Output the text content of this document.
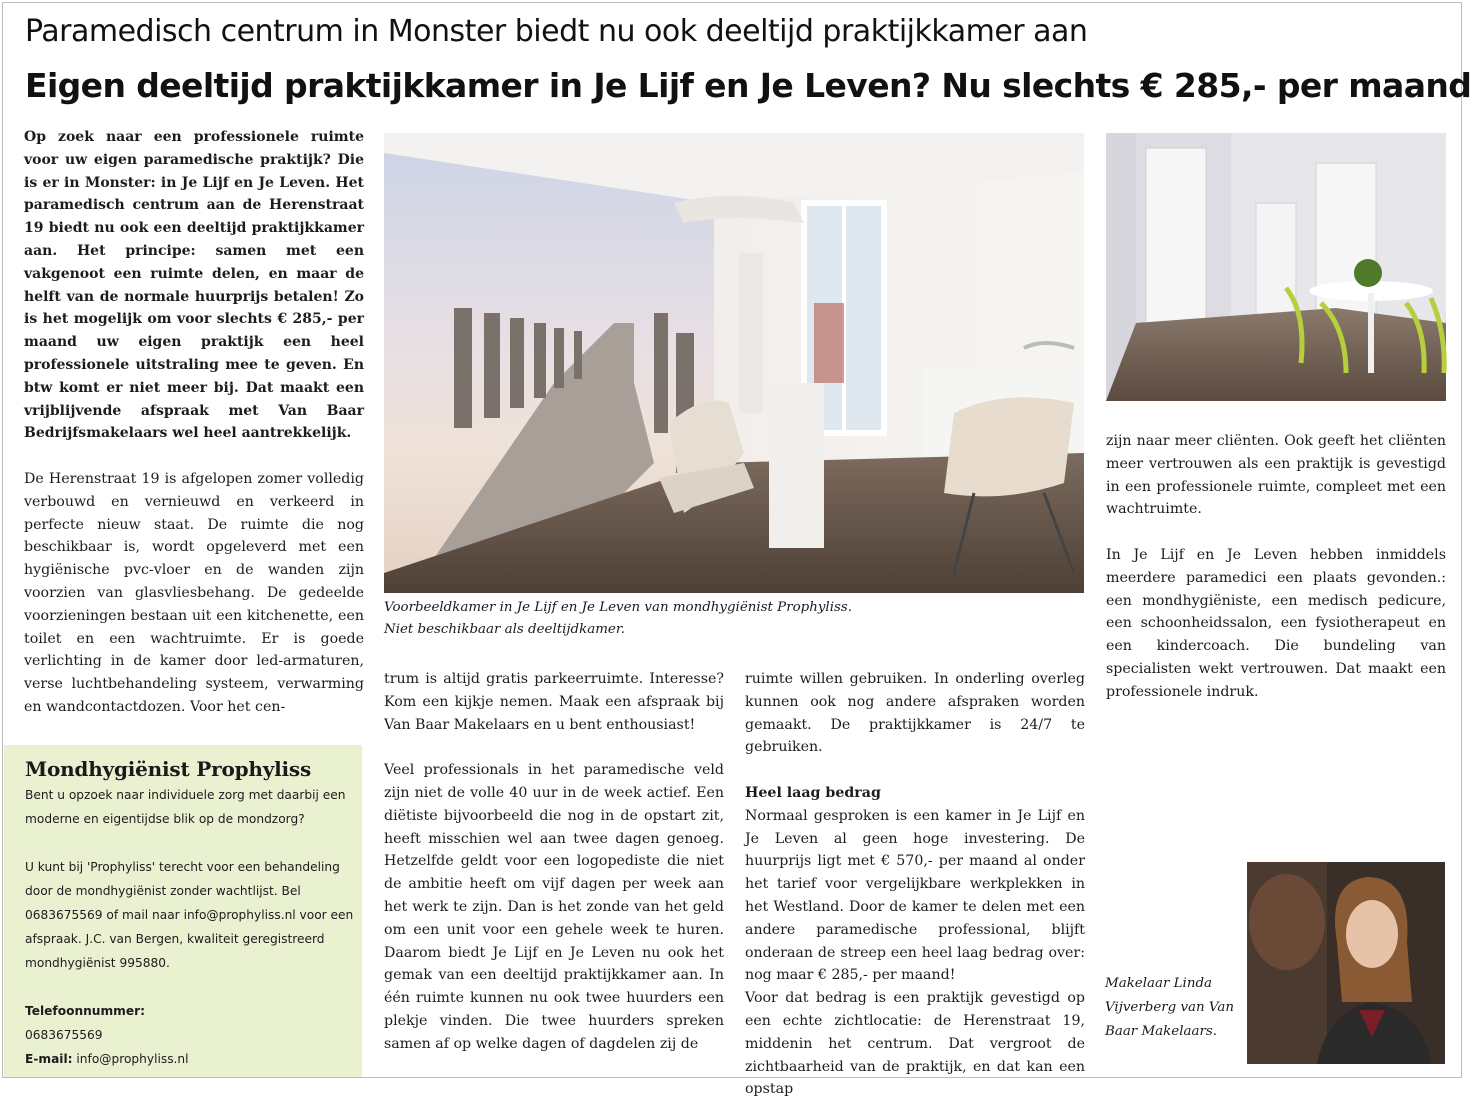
Paramedisch centrum in Monster biedt nu ook deeltijd praktijkkamer aan
Eigen deeltijd praktijkkamer in Je Lijf en Je Leven? Nu slechts € 285,- per maand

Op zoek naar een professionele ruimte voor uw eigen paramedische praktijk? Die is er in Monster: in Je Lijf en Je Leven. Het paramedisch centrum aan de Herenstraat 19 biedt nu ook een deeltijd praktijkkamer aan. Het principe: samen met een vakgenoot een ruimte delen, en maar de helft van de normale huurprijs betalen! Zo is het mogelijk om voor slechts € 285,- per maand uw eigen praktijk een heel professionele uitstraling mee te geven. En btw komt er niet meer bij. Dat maakt een vrijblijvende afspraak met Van Baar Bedrijfsmakelaars wel heel aantrekkelijk.

De Herenstraat 19 is afgelopen zomer volledig verbouwd en vernieuwd en verkeerd in perfecte nieuw staat. De ruimte die nog beschikbaar is, wordt opgeleverd met een hygiënische pvc-vloer en de wanden zijn voorzien van glasvliesbehang. De gedeelde voorzieningen bestaan uit een kitchenette, een toilet en een wachtruimte. Er is goede verlichting in de kamer door led-armaturen, verse luchtbehandeling systeem, verwarming en wandcontactdozen. Voor het cen-

Voorbeeldkamer in Je Lijf en Je Leven van mondhygiënist Prophyliss.
Niet beschikbaar als deeltijdkamer.

trum is altijd gratis parkeerruimte. Interesse? Kom een kijkje nemen. Maak een afspraak bij Van Baar Makelaars en u bent enthousiast!

Veel professionals in het paramedische veld zijn niet de volle 40 uur in de week actief. Een diëtiste bijvoorbeeld die nog in de opstart zit, heeft misschien wel aan twee dagen genoeg. Hetzelfde geldt voor een logopediste die niet de ambitie heeft om vijf dagen per week aan het werk te zijn. Dan is het zonde van het geld om een unit voor een gehele week te huren. Daarom biedt Je Lijf en Je Leven nu ook het gemak van een deeltijd praktijkkamer aan. In één ruimte kunnen nu ook twee huurders een plekje vinden. Die twee huurders spreken samen af op welke dagen of dagdelen zij de

ruimte willen gebruiken. In onderling overleg kunnen ook nog andere afspraken worden gemaakt. De praktijkkamer is 24/7 te gebruiken.

Heel laag bedrag

Normaal gesproken is een kamer in Je Lijf en Je Leven al geen hoge investering. De huurprijs ligt met € 570,- per maand al onder het tarief voor vergelijkbare werkplekken in het Westland. Door de kamer te delen met een andere paramedische professional, blijft onderaan de streep een heel laag bedrag over: nog maar € 285,- per maand!

Voor dat bedrag is een praktijk gevestigd op een echte zichtlocatie: de Herenstraat 19, middenin het centrum. Dat vergroot de zichtbaarheid van de praktijk, en dat kan een opstap

zijn naar meer cliënten. Ook geeft het cliënten meer vertrouwen als een praktijk is gevestigd in een professionele ruimte, compleet met een wachtruimte.

In Je Lijf en Je Leven hebben inmiddels meerdere paramedici een plaats gevonden.: een mondhygiëniste, een medisch pedicure, een schoonheidssalon, een fysiotherapeut en een kindercoach. Die bundeling van specialisten wekt vertrouwen. Dat maakt een professionele indruk.

Makelaar Linda Vijverberg van Van Baar Makelaars.
Mondhygiënist Prophyliss
Bent u opzoek naar individuele zorg met daarbij een moderne en eigentijdse blik op de mondzorg?
U kunt bij 'Prophyliss' terecht voor een behandeling door de mondhygiënist zonder wachtlijst. Bel 0683675569 of mail naar info@prophyliss.nl voor een afspraak. J.C. van Bergen, kwaliteit geregistreerd mondhygiënist 995880.
Telefoonnummer:
0683675569
E-mail: info@prophyliss.nl
